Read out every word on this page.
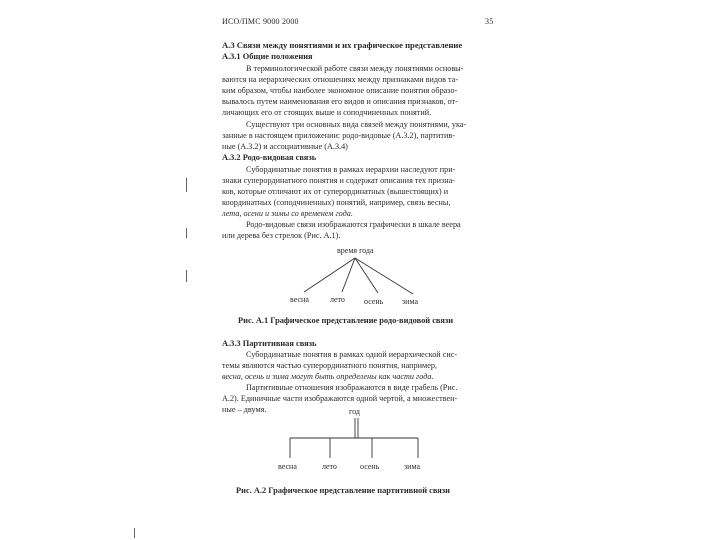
ИСО/ПМС 9000 2000	35
А.3 Связи между понятиями и их графическое представление
А.3.1 Общие положения
В терминологической работе связи между понятиями основы-
ваются на иерархических отношениях между признаками видов та-
ким образом, чтобы наиболее экономное описание понятия образо-
вывалось путем наименования его видов и описания признаков, от-
личающих его от стоящих выше и соподчиненных понятий.
Существуют три основных вида связей между понятиями, ука-
занные в настоящем приложении: родо-видовые (А.3.2), партитив-
ные (А.3.2) и ассоциативные (А.3.4)
А.3.2 Родо-видовая связь
Субординатные понятия в рамках иерархии наследуют при-
знаки суперординатного понятия и содержат описания тех призна-
ков, которые отличают их от суперординатных (вышестоящих) и
координатных (соподчиненных) понятий, например, связь весны,
лета, осени и зимы со временем года.
Родо-видовые связи изображаются графически в шкале веера
или дерева без стрелок (Рис. А.1).
время года
весна	лето осень зима
Рис. А.1 Графическое представление родо-видовой связи
А.3.3 Партитивная связь
Субординатные понятия в рамках одной иерархической сис-
темы являются частью суперординатного понятия, например,
весна, осень и зима могут быть определены как части года.
Партитивные отношения изображаются в виде грабель (Рис.
А.2). Единичные части изображаются одной чертой, а множествен-
ные – двумя.	год
весна	лето	осень	зима
Рис. А.2 Графическое представление партитивной связи
